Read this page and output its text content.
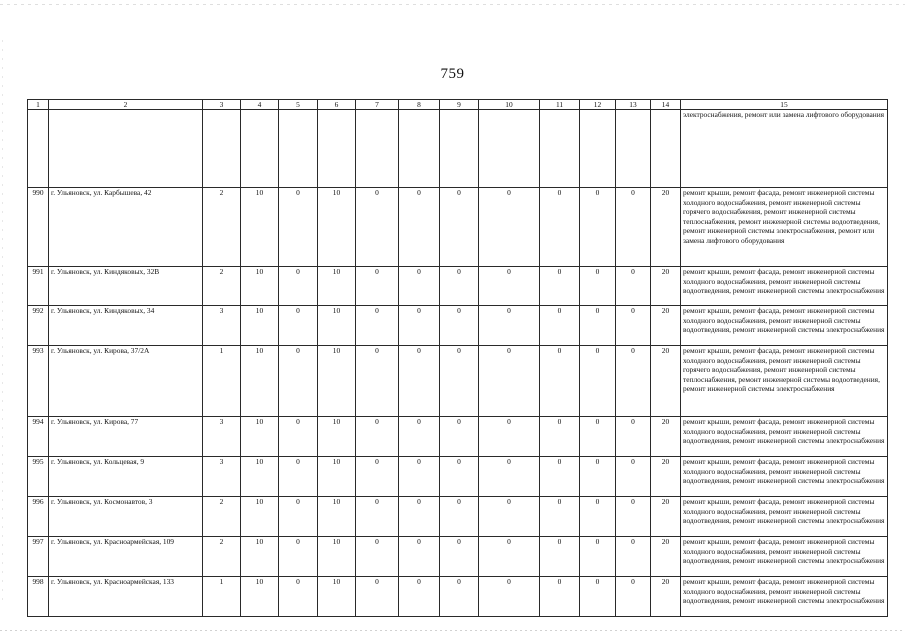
759
1	2	3	4	5	6	7	8	9	10	11	12	13	14	15
														электроснабжения, ремонт или замена лифтового оборудования
990	г. Ульяновск, ул. Карбышева, 42	2	10	0	10	0	0	0	0	0	0	0	20	ремонт крыши, ремонт фасада, ремонт инженерной системы холодного водоснабжения, ремонт инженерной системы горячего водоснабжения, ремонт инженерной системы теплоснабжения, ремонт инженерной системы водоотведения, ремонт инженерной системы электроснабжения, ремонт или замена лифтового оборудования
991	г. Ульяновск, ул. Киндяковых, 32В	2	10	0	10	0	0	0	0	0	0	0	20	ремонт крыши, ремонт фасада, ремонт инженерной системы холодного водоснабжения, ремонт инженерной системы водоотведения, ремонт инженерной системы электроснабжения
992	г. Ульяновск, ул. Киндяковых, 34	3	10	0	10	0	0	0	0	0	0	0	20	ремонт крыши, ремонт фасада, ремонт инженерной системы холодного водоснабжения, ремонт инженерной системы водоотведения, ремонт инженерной системы электроснабжения
993	г. Ульяновск, ул. Кирова, 37/2А	1	10	0	10	0	0	0	0	0	0	0	20	ремонт крыши, ремонт фасада, ремонт инженерной системы холодного водоснабжения, ремонт инженерной системы горячего водоснабжения, ремонт инженерной системы теплоснабжения, ремонт инженерной системы водоотведения, ремонт инженерной системы электроснабжения
994	г. Ульяновск, ул. Кирова, 77	3	10	0	10	0	0	0	0	0	0	0	20	ремонт крыши, ремонт фасада, ремонт инженерной системы холодного водоснабжения, ремонт инженерной системы водоотведения, ремонт инженерной системы электроснабжения
995	г. Ульяновск, ул. Кольцевая, 9	3	10	0	10	0	0	0	0	0	0	0	20	ремонт крыши, ремонт фасада, ремонт инженерной системы холодного водоснабжения, ремонт инженерной системы водоотведения, ремонт инженерной системы электроснабжения
996	г. Ульяновск, ул. Космонавтов, 3	2	10	0	10	0	0	0	0	0	0	0	20	ремонт крыши, ремонт фасада, ремонт инженерной системы холодного водоснабжения, ремонт инженерной системы водоотведения, ремонт инженерной системы электроснабжения
997	г. Ульяновск, ул. Красноармейская, 109	2	10	0	10	0	0	0	0	0	0	0	20	ремонт крыши, ремонт фасада, ремонт инженерной системы холодного водоснабжения, ремонт инженерной системы водоотведения, ремонт инженерной системы электроснабжения
998	г. Ульяновск, ул. Красноармейская, 133	1	10	0	10	0	0	0	0	0	0	0	20	ремонт крыши, ремонт фасада, ремонт инженерной системы холодного водоснабжения, ремонт инженерной системы водоотведения, ремонт инженерной системы электроснабжения
